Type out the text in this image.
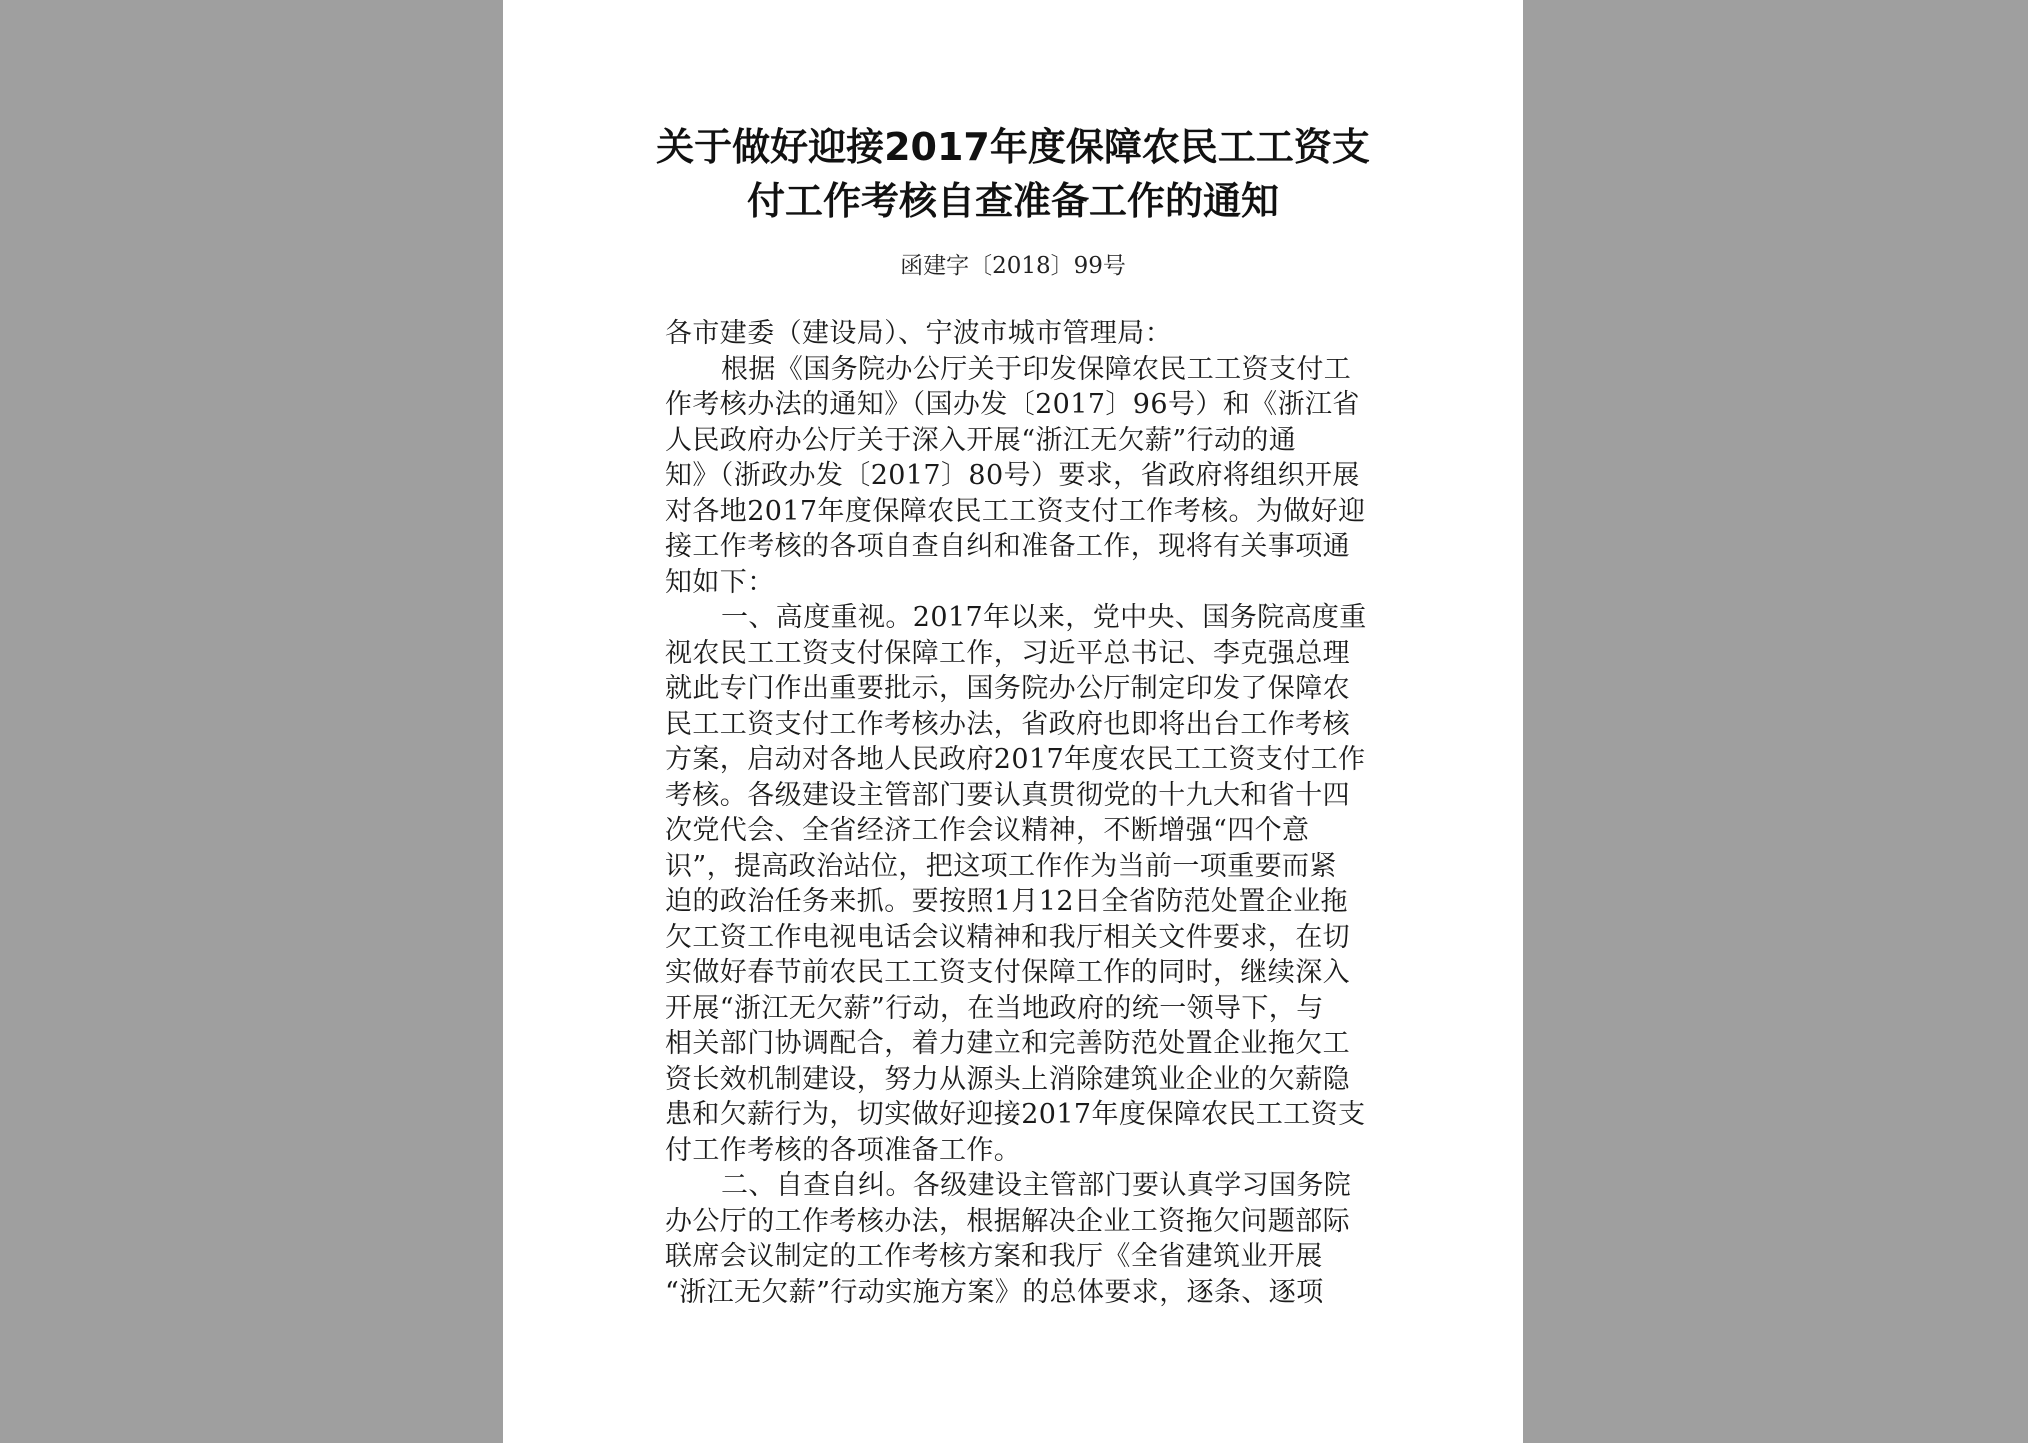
关于做好迎接2017年度保障农民工工资支
付工作考核自查准备工作的通知
函建字〔2018〕99号
各市建委（建设局）、宁波市城市管理局：
根据《国务院办公厅关于印发保障农民工工资支付工
作考核办法的通知》（国办发〔2017〕96号）和《浙江省
人民政府办公厅关于深入开展“浙江无欠薪”行动的通
知》（浙政办发〔2017〕80号）要求，省政府将组织开展
对各地2017年度保障农民工工资支付工作考核。为做好迎
接工作考核的各项自查自纠和准备工作，现将有关事项通
知如下：
一、高度重视。2017年以来，党中央、国务院高度重
视农民工工资支付保障工作，习近平总书记、李克强总理
就此专门作出重要批示，国务院办公厅制定印发了保障农
民工工资支付工作考核办法，省政府也即将出台工作考核
方案，启动对各地人民政府2017年度农民工工资支付工作
考核。各级建设主管部门要认真贯彻党的十九大和省十四
次党代会、全省经济工作会议精神，不断增强“四个意
识”，提高政治站位，把这项工作作为当前一项重要而紧
迫的政治任务来抓。要按照1月12日全省防范处置企业拖
欠工资工作电视电话会议精神和我厅相关文件要求，在切
实做好春节前农民工工资支付保障工作的同时，继续深入
开展“浙江无欠薪”行动，在当地政府的统一领导下，与
相关部门协调配合，着力建立和完善防范处置企业拖欠工
资长效机制建设，努力从源头上消除建筑业企业的欠薪隐
患和欠薪行为，切实做好迎接2017年度保障农民工工资支
付工作考核的各项准备工作。
二、自查自纠。各级建设主管部门要认真学习国务院
办公厅的工作考核办法，根据解决企业工资拖欠问题部际
联席会议制定的工作考核方案和我厅《全省建筑业开展
“浙江无欠薪”行动实施方案》的总体要求，逐条、逐项
